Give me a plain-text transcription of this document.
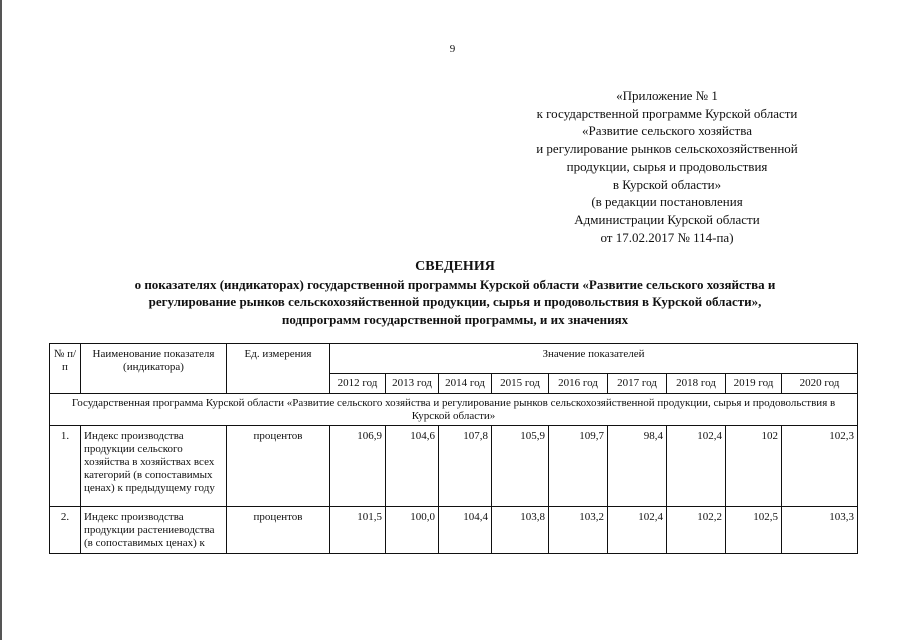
9
«Приложение № 1
к государственной программе Курской области
«Развитие сельского хозяйства
и регулирование рынков сельскохозяйственной
продукции, сырья и продовольствия
в Курской области»
(в редакции постановления
Администрации Курской области
от 17.02.2017 № 114-па)
СВЕДЕНИЯ
о показателях (индикаторах) государственной программы Курской области «Развитие сельского хозяйства и
регулирование рынков сельскохозяйственной продукции, сырья и продовольствия в Курской области»,
подпрограмм государственной программы, и их значениях
№ п/п	Наименование показателя (индикатора)	Ед. измерения	Значение показателей								
			2012 год	2013 год	2014 год	2015 год	2016 год	2017 год	2018 год	2019 год	2020 год
Государственная программа Курской области «Развитие сельского хозяйства и регулирование рынков сельскохозяйственной продукции, сырья и продовольствия в Курской области»											
1.	Индекс производства продукции сельского хозяйства в хозяйствах всех категорий (в сопоставимых ценах) к предыдущему году	процентов	106,9	104,6	107,8	105,9	109,7	98,4	102,4	102	102,3
2.	Индекс производства продукции растениеводства (в сопоставимых ценах) к	процентов	101,5	100,0	104,4	103,8	103,2	102,4	102,2	102,5	103,3
